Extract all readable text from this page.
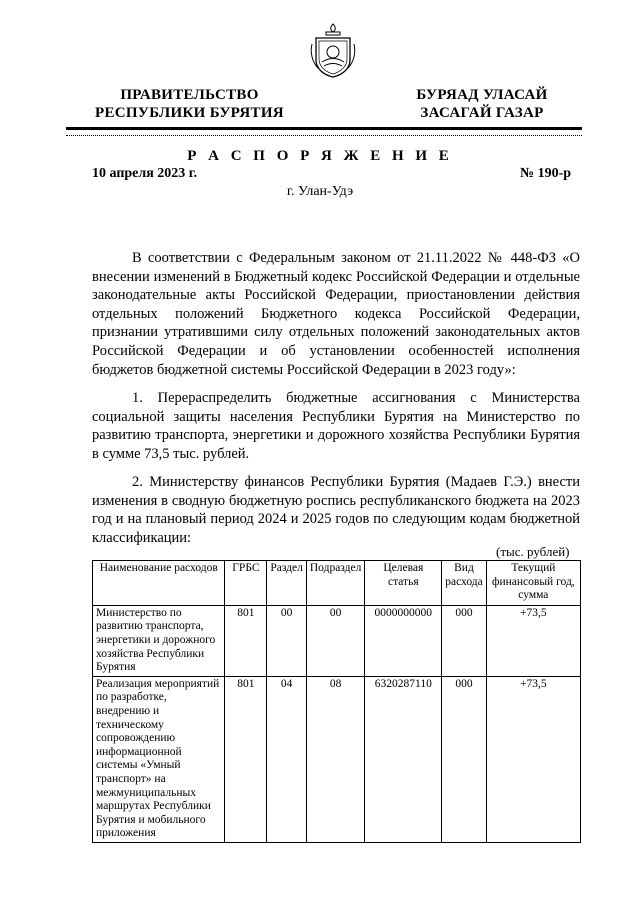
ПРАВИТЕЛЬСТВО
РЕСПУБЛИКИ БУРЯТИЯ
БУРЯАД УЛАСАЙ
ЗАСАГАЙ ГАЗАР
Р А С П О Р Я Ж Е Н И Е
10 апреля 2023 г.	№ 190-р
г. Улан-Удэ
В соответствии с Федеральным законом от 21.11.2022 № 448-ФЗ «О внесении изменений в Бюджетный кодекс Российской Федерации и отдельные законодательные акты Российской Федерации, приостановлении действия отдельных положений Бюджетного кодекса Российской Федерации, признании утратившими силу отдельных положений законодательных актов Российской Федерации и об установлении особенностей исполнения бюджетов бюджетной системы Российской Федерации в 2023 году»:
1. Перераспределить бюджетные ассигнования с Министерства социальной защиты населения Республики Бурятия на Министерство по развитию транспорта, энергетики и дорожного хозяйства Республики Бурятия в сумме 73,5 тыс. рублей.
2. Министерству финансов Республики Бурятия (Мадаев Г.Э.) внести изменения в сводную бюджетную роспись республиканского бюджета на 2023 год и на плановый период 2024 и 2025 годов по следующим кодам бюджетной классификации:
(тыс. рублей)
Наименование расходов	ГРБС	Раздел	Подраздел	Целевая статья	Вид расхода	Текущий финансовый год, сумма
Министерство по развитию транспорта, энергетики и дорожного хозяйства Республики Бурятия	801	00	00	0000000000	000	+73,5
Реализация мероприятий по разработке, внедрению и техническому сопровождению информационной системы «Умный транспорт» на межмуниципальных маршрутах Республики Бурятия и мобильного приложения	801	04	08	6320287110	000	+73,5
